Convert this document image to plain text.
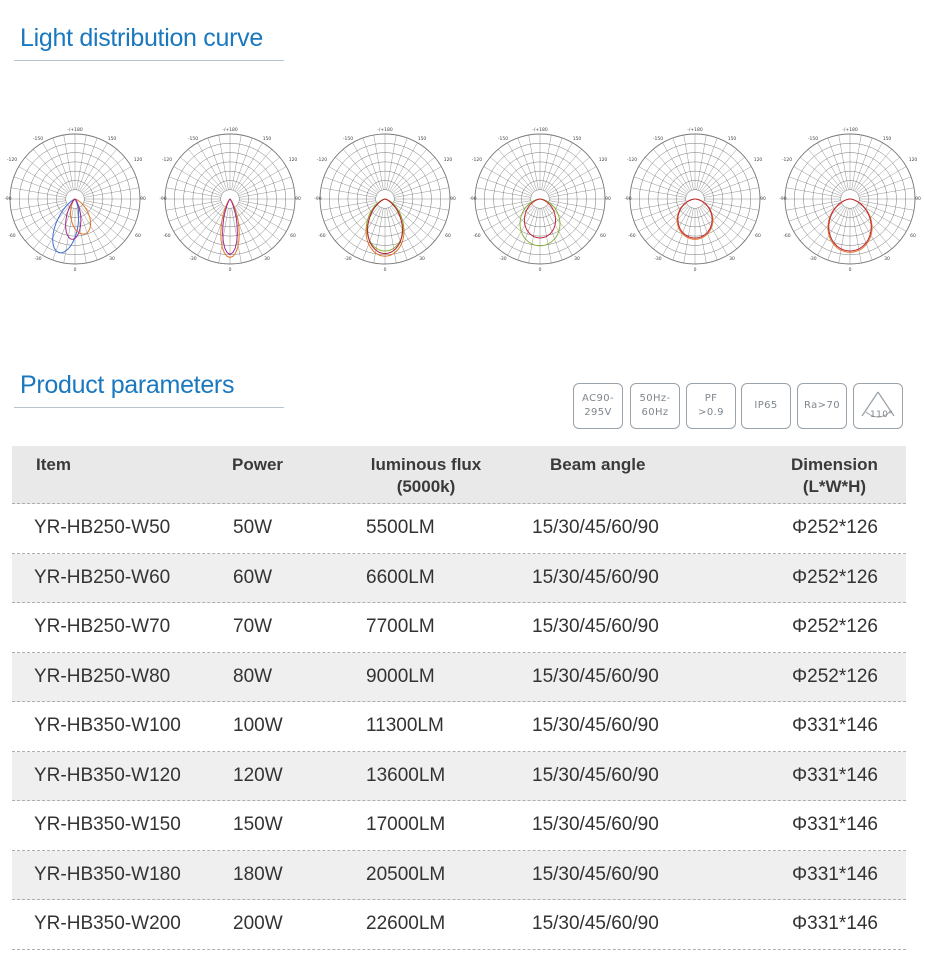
Light distribution curve
-/+180
-150	150
-120	120
-90	90
-60	60
-30	30
0
-/+180
-150	150
-120	120
-90	90
-60	60
-30	30
0
-/+180
-150	150
-120	120
-90	90
-60	60
-30	30
0
-/+180
-150	150
-120	120
-90	90
-60	60
-30	30
0
-/+180
-150	150
-120	120
-90	90
-60	60
-30	30
0
-/+180
-150	150
-120	120
-90	90
-60	60
-30	30
0
Product parameters	AC90-
295V
50Hz-
60Hz
PF
>0.9
IP65	Ra>70
110°
Item	Power	luminous flux
(5000k)
Beam angle	Dimension
(L*W*H)
YR-HB250-W50	50W	5500LM	15/30/45/60/90	Φ252*126
YR-HB250-W60	60W	6600LM	15/30/45/60/90	Φ252*126
YR-HB250-W70	70W	7700LM	15/30/45/60/90	Φ252*126
YR-HB250-W80	80W	9000LM	15/30/45/60/90	Φ252*126
YR-HB350-W100	100W	11300LM	15/30/45/60/90	Φ331*146
YR-HB350-W120	120W	13600LM	15/30/45/60/90	Φ331*146
YR-HB350-W150	150W	17000LM	15/30/45/60/90	Φ331*146
YR-HB350-W180	180W	20500LM	15/30/45/60/90	Φ331*146
YR-HB350-W200	200W	22600LM	15/30/45/60/90	Φ331*146
